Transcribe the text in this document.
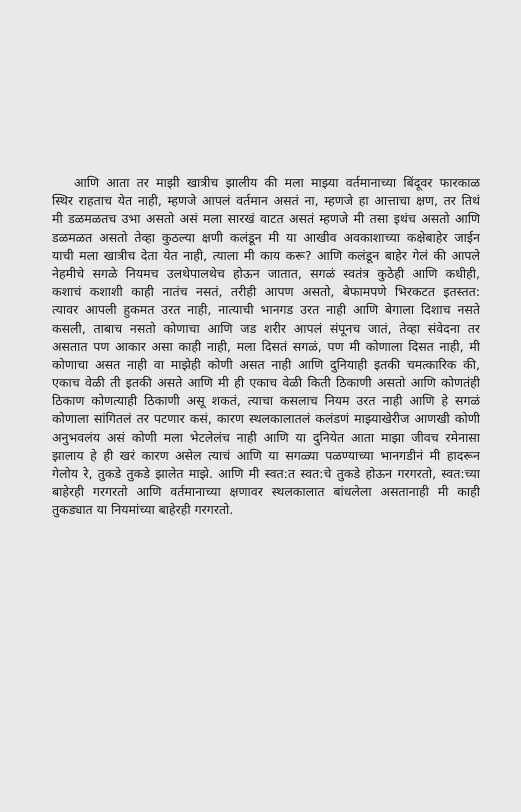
आणि आता तर माझी खात्रीच झालीय की मला माझ्या वर्तमानाच्या बिंदूवर फारकाळ
स्थिर राहताच येत नाही, म्हणजे आपलं वर्तमान असतं ना, म्हणजे हा आत्ताचा क्षण, तर तिथं
मी डळमळतच उभा असतो असं मला सारखं वाटत असतं म्हणजे मी तसा इथंच असतो आणि
डळमळत असतो तेव्हा कुठल्या क्षणी कलंडून मी या आखीव अवकाशाच्या कक्षेबाहेर जाईन
याची मला खात्रीच देता येत नाही, त्याला मी काय करू? आणि कलंडून बाहेर गेलं की आपले
नेहमीचे सगळे नियमच उलथेपालथेच होऊन जातात, सगळं स्वतंत्र कुठेही आणि कधीही,
कशाचं कशाशी काही नातंच नसतं, तरीही आपण असतो, बेफामपणे भिरकटत इतस्तत:
त्यावर आपली हुकमत उरत नाही, नात्याची भानगड उरत नाही आणि बेगाला दिशाच नसते
कसली, ताबाच नसतो कोणाचा आणि जड शरीर आपलं संपूनच जातं, तेव्हा संवेदना तर
असतात पण आकार असा काही नाही, मला दिसतं सगळं, पण मी कोणाला दिसत नाही, मी
कोणाचा असत नाही वा माझेही कोणी असत नाही आणि दुनियाही इतकी चमत्कारिक की,
एकाच वेळी ती इतकी असते आणि मी ही एकाच वेळी किती ठिकाणी असतो आणि कोणतंही
ठिकाण कोणत्याही ठिकाणी असू शकतं, त्याचा कसलाच नियम उरत नाही आणि हे सगळं
कोणाला सांगितलं तर पटणार कसं, कारण स्थलकालातलं कलंडणं माझ्याखेरीज आणखी कोणी
अनुभवलंय असं कोणी मला भेटलेलंच नाही आणि या दुनियेत आता माझा जीवच रमेनासा
झालाय हे ही खरं कारण असेल त्याचं आणि या सगळ्या पळण्याच्या भानगडीनं मी हादरून
गेलोय रे, तुकडे तुकडे झालेत माझे. आणि मी स्वत:त स्वत:चे तुकडे होऊन गरगरतो, स्वत:च्या
बाहेरही गरगरतो आणि वर्तमानाच्या क्षणावर स्थलकालात बांधलेला असतानाही मी काही
तुकड्यात या नियमांच्या बाहेरही गरगरतो.
